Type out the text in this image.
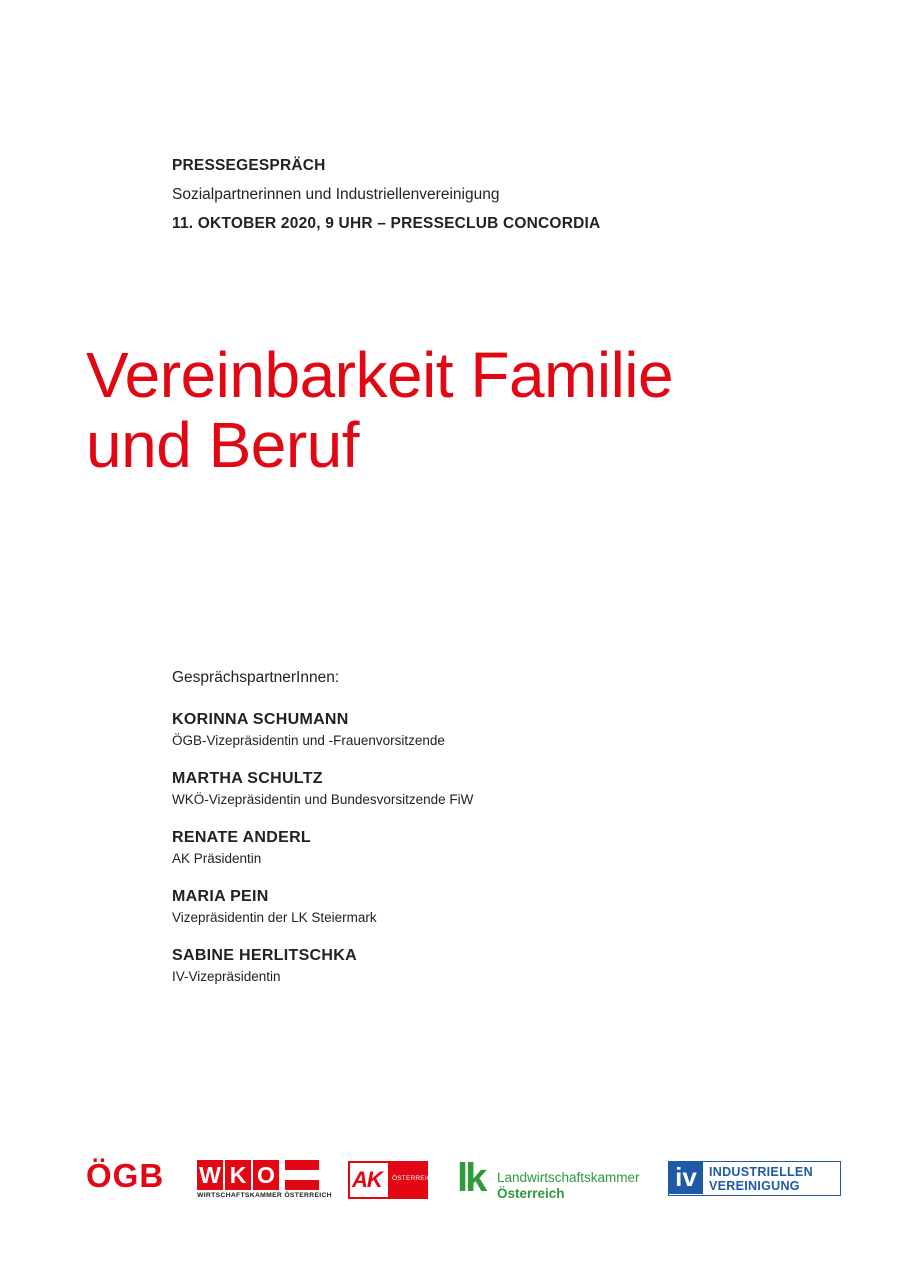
PRESSEGESPRÄCH
Sozialpartnerinnen und Industriellenvereinigung
11. OKTOBER 2020, 9 UHR – PRESSECLUB CONCORDIA
Vereinbarkeit Familie
und Beruf
GesprächspartnerInnen:
KORINNA SCHUMANN
ÖGB-Vizepräsidentin und -Frauenvorsitzende
MARTHA SCHULTZ
WKÖ-Vizepräsidentin und Bundesvorsitzende FiW
RENATE ANDERL
AK Präsidentin
MARIA PEIN
Vizepräsidentin der LK Steiermark
SABINE HERLITSCHKA
IV-Vizepräsidentin
ÖGB W K O
WIRTSCHAFTSKAMMER ÖSTERREICH
AK ÖSTERREICH lk Landwirtschaftskammer
Österreich
iv INDUSTRIELLEN
VEREINIGUNG
